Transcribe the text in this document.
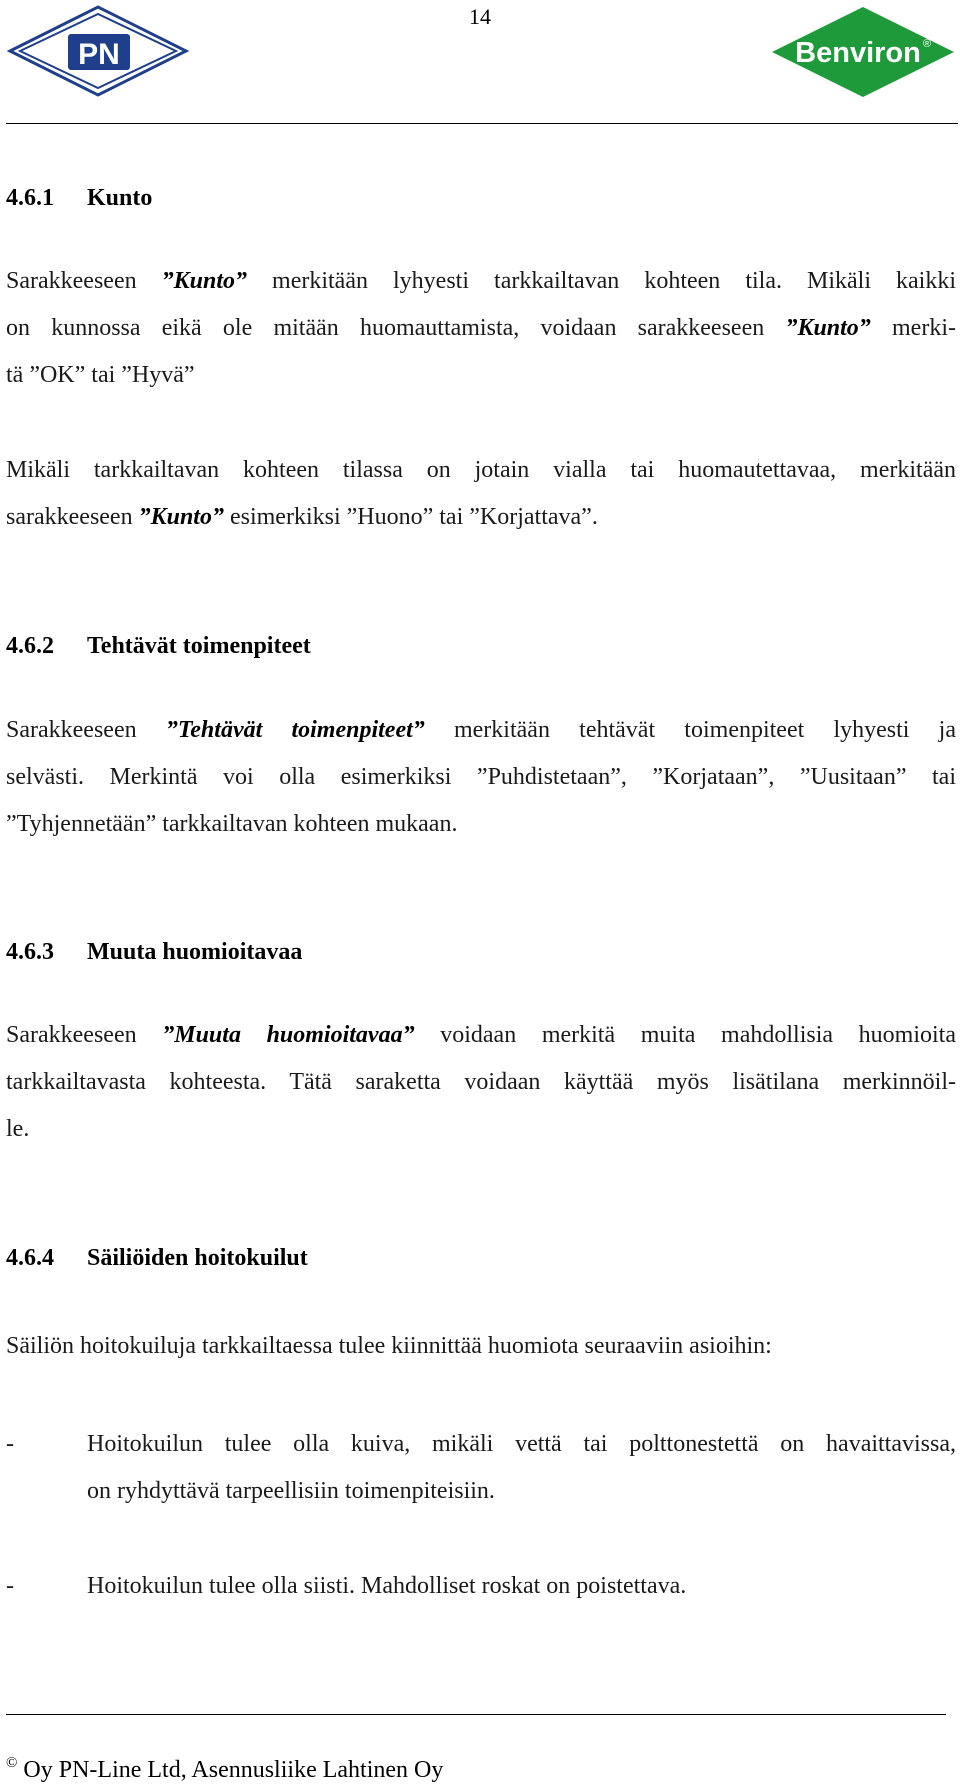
PN
14
Benviron ®
4.6.1 Kunto
Sarakkeeseen ”Kunto” merkitään lyhyesti tarkkailtavan kohteen tila. Mikäli kaikki
on kunnossa eikä ole mitään huomauttamista, voidaan sarakkeeseen ”Kunto” merki-
tä ”OK” tai ”Hyvä”
Mikäli tarkkailtavan kohteen tilassa on jotain vialla tai huomautettavaa, merkitään
sarakkeeseen ”Kunto” esimerkiksi ”Huono” tai ”Korjattava”.
4.6.2 Tehtävät toimenpiteet
Sarakkeeseen ”Tehtävät toimenpiteet” merkitään tehtävät toimenpiteet lyhyesti ja
selvästi. Merkintä voi olla esimerkiksi ”Puhdistetaan”, ”Korjataan”, ”Uusitaan” tai
”Tyhjennetään” tarkkailtavan kohteen mukaan.
4.6.3 Muuta huomioitavaa
Sarakkeeseen ”Muuta huomioitavaa” voidaan merkitä muita mahdollisia huomioita
tarkkailtavasta kohteesta. Tätä saraketta voidaan käyttää myös lisätilana merkinnöil-
le.
4.6.4 Säiliöiden hoitokuilut
Säiliön hoitokuiluja tarkkailtaessa tulee kiinnittää huomiota seuraaviin asioihin:
-	Hoitokuilun tulee olla kuiva, mikäli vettä tai polttonestettä on havaittavissa,
on ryhdyttävä tarpeellisiin toimenpiteisiin.
-	Hoitokuilun tulee olla siisti. Mahdolliset roskat on poistettava.
© Oy PN-Line Ltd, Asennusliike Lahtinen Oy
